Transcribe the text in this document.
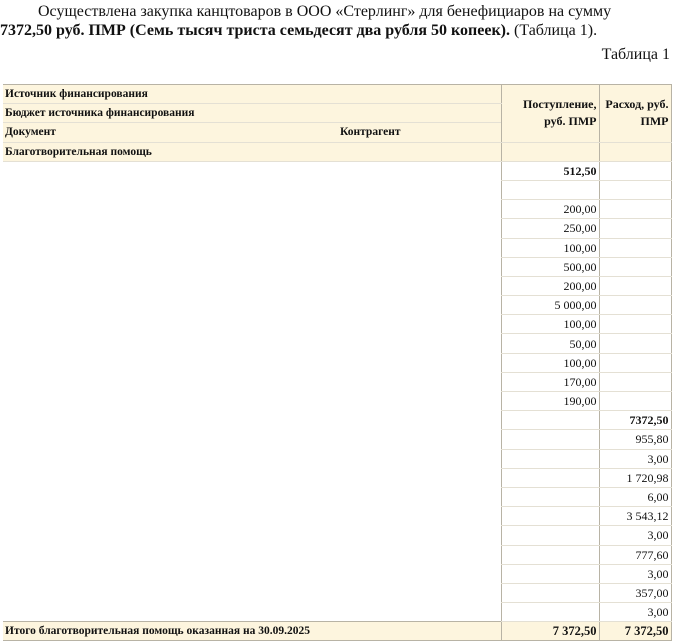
Осуществлена закупка канцтоваров в ООО «Стерлинг» для бенефициаров на сумму
7372,50 руб. ПМР (Семь тысяч триста семьдесят два рубля 50 копеек). (Таблица 1).
Таблица 1
Источник финансирования		Поступление, руб. ПМР	Расход, руб. ПМР
Бюджет источника финансирования			
Документ	Контрагент		
Благотворительная помощь			
		512,50	

		200,00	
		250,00	
		100,00	
		500,00	
		200,00	
		5 000,00	
		100,00	
		50,00	
		100,00	
		170,00	
		190,00	
			7372,50
			955,80
			3,00
			1 720,98
			6,00
			3 543,12
			3,00
			777,60
			3,00
			357,00
			3,00
Итого благотворительная помощь оказанная на 30.09.2025		7 372,50	7 372,50
